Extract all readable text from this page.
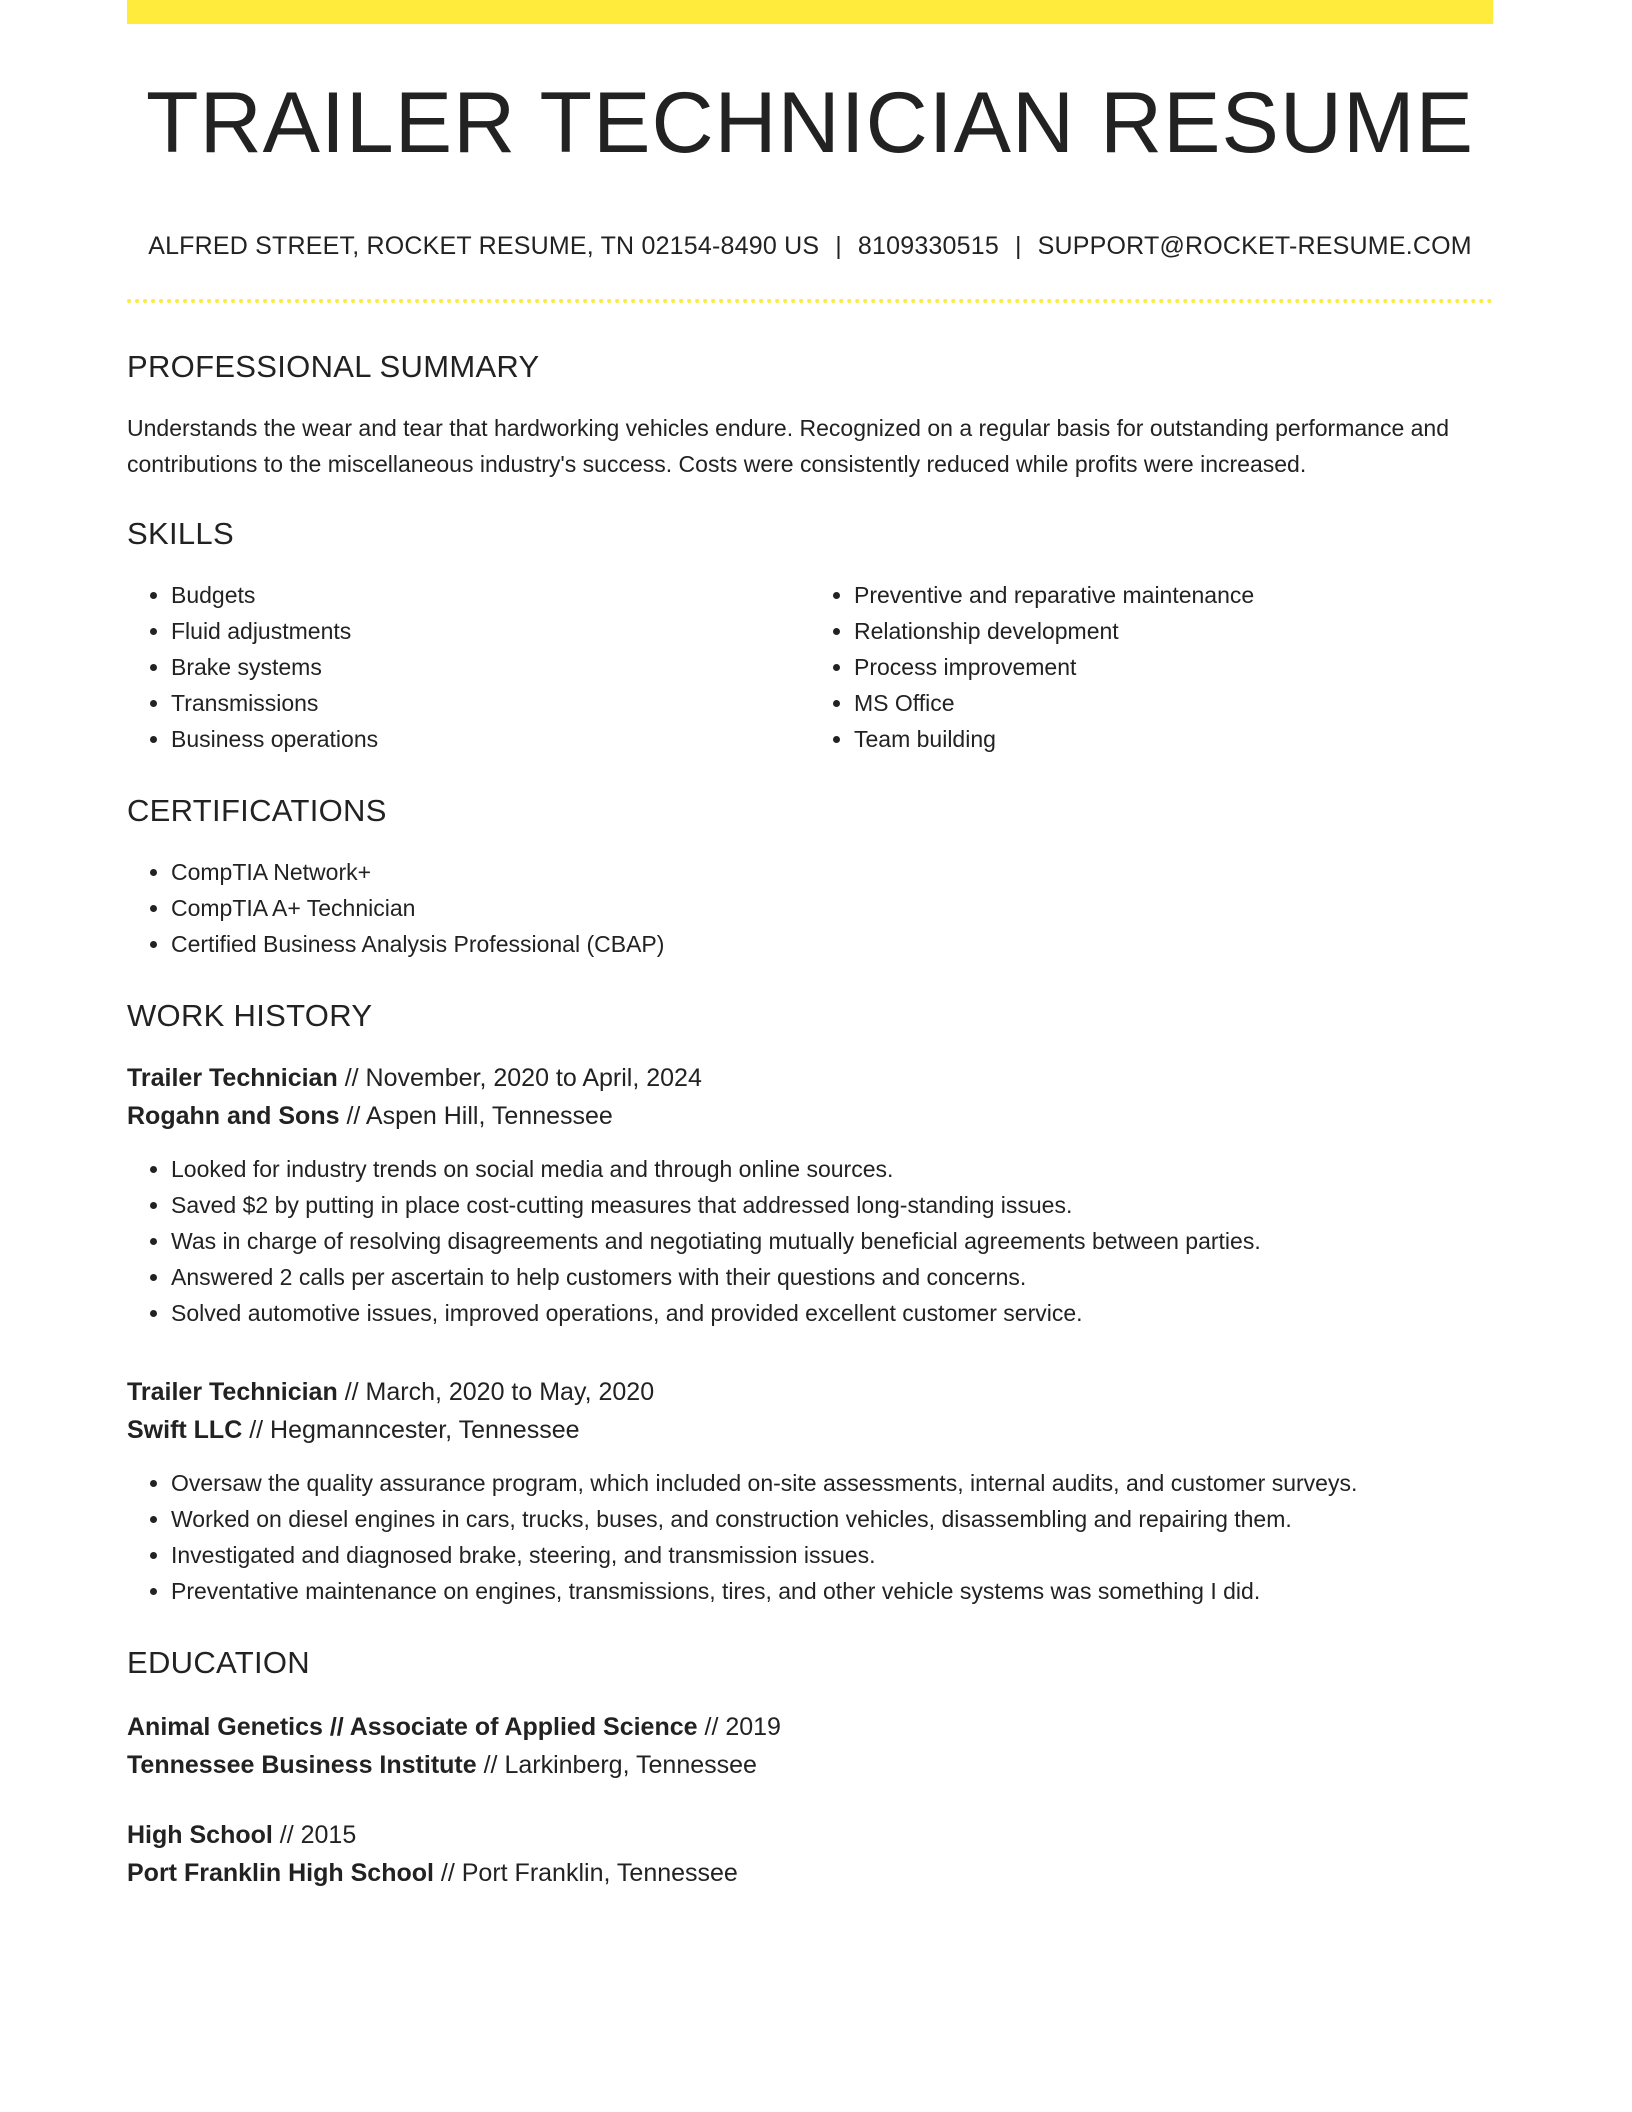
TRAILER TECHNICIAN RESUME
ALFRED STREET, ROCKET RESUME, TN 02154-8490 US | 8109330515 | SUPPORT@ROCKET-RESUME.COM
PROFESSIONAL SUMMARY

Understands the wear and tear that hardworking vehicles endure. Recognized on a regular basis for outstanding performance and contributions to the miscellaneous industry's success. Costs were consistently reduced while profits were increased.

SKILLS
• Budgets
• Fluid adjustments
• Brake systems
• Transmissions
• Business operations
• Preventive and reparative maintenance
• Relationship development
• Process improvement
• MS Office
• Team building
CERTIFICATIONS
• CompTIA Network+
• CompTIA A+ Technician
• Certified Business Analysis Professional (CBAP)
WORK HISTORY
Trailer Technician // November, 2020 to April, 2024
Rogahn and Sons // Aspen Hill, Tennessee
• Looked for industry trends on social media and through online sources.
• Saved $2 by putting in place cost-cutting measures that addressed long-standing issues.
• Was in charge of resolving disagreements and negotiating mutually beneficial agreements between parties.
• Answered 2 calls per ascertain to help customers with their questions and concerns.
• Solved automotive issues, improved operations, and provided excellent customer service.
Trailer Technician // March, 2020 to May, 2020
Swift LLC // Hegmanncester, Tennessee
• Oversaw the quality assurance program, which included on-site assessments, internal audits, and customer surveys.
• Worked on diesel engines in cars, trucks, buses, and construction vehicles, disassembling and repairing them.
• Investigated and diagnosed brake, steering, and transmission issues.
• Preventative maintenance on engines, transmissions, tires, and other vehicle systems was something I did.
EDUCATION
Animal Genetics // Associate of Applied Science // 2019
Tennessee Business Institute // Larkinberg, Tennessee
High School // 2015
Port Franklin High School // Port Franklin, Tennessee
